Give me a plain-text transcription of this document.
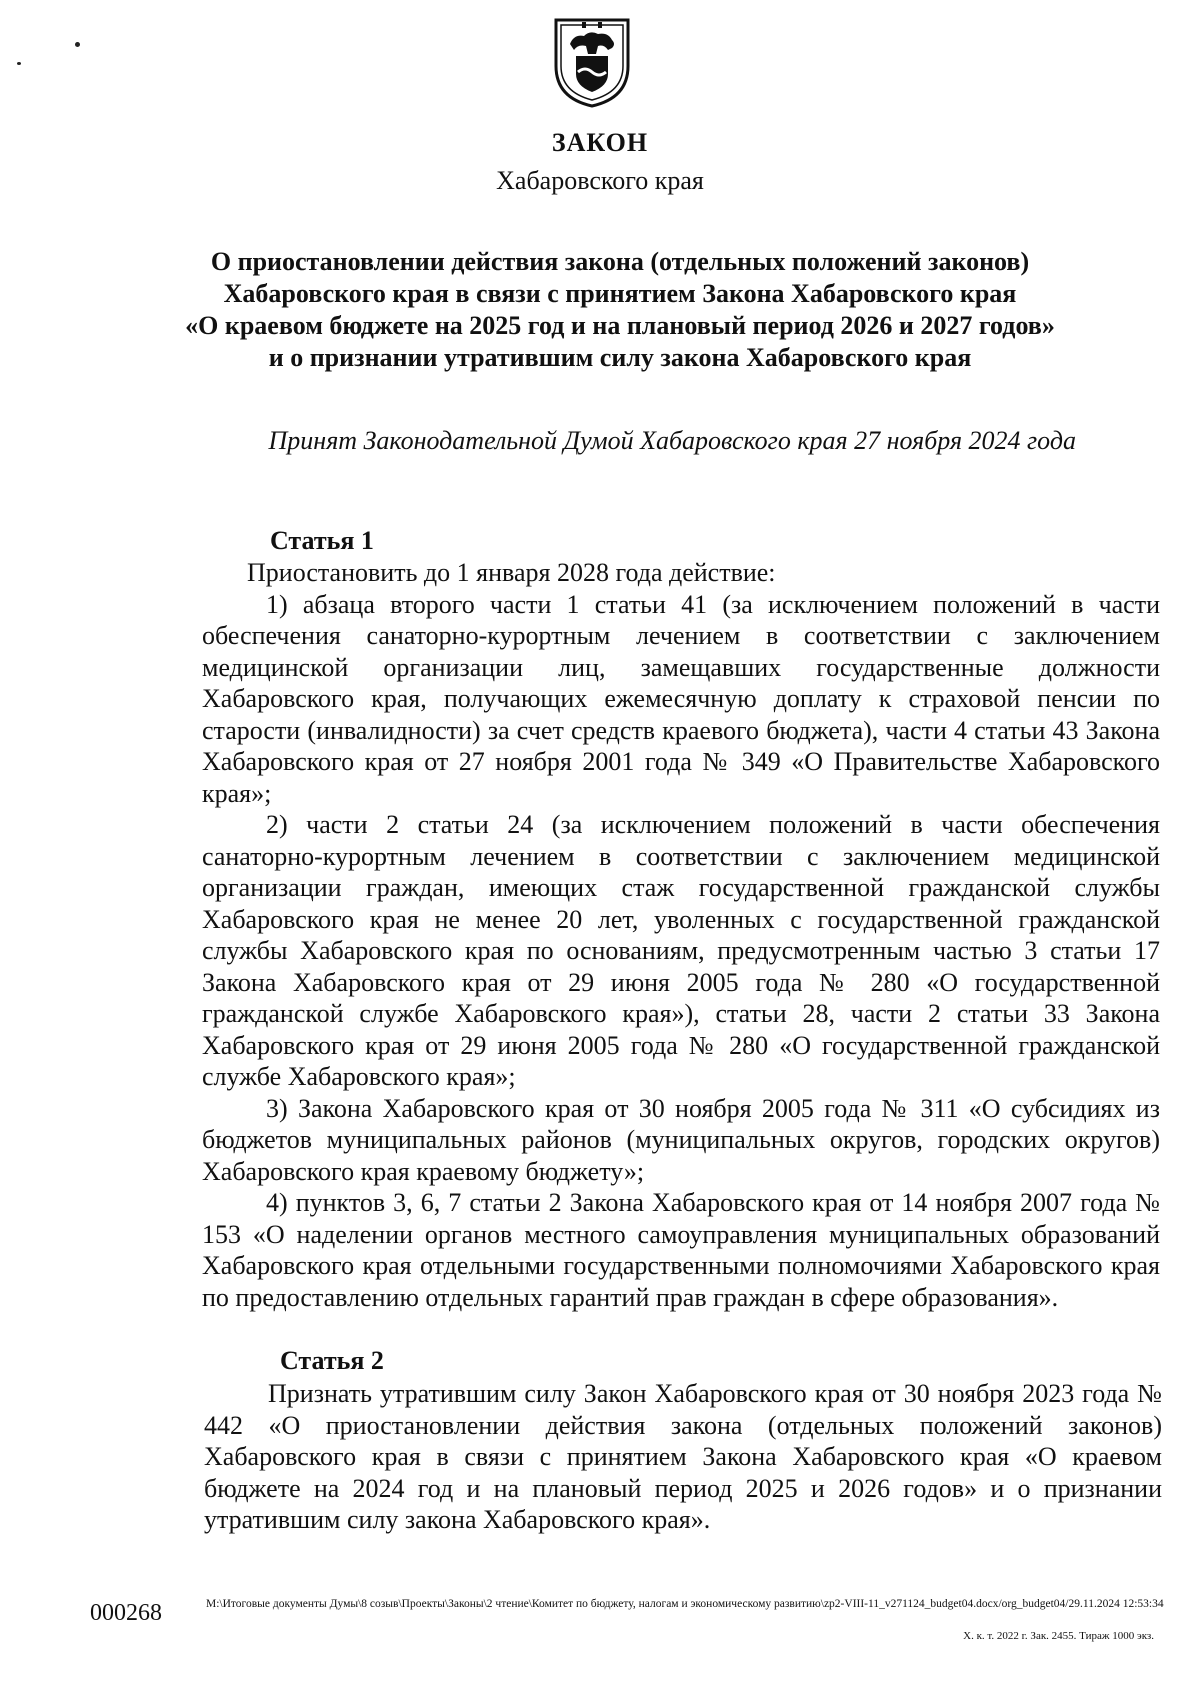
ЗАКОН
Хабаровского края
О приостановлении действия закона (отдельных положений законов)
Хабаровского края в связи с принятием Закона Хабаровского края
«О краевом бюджете на 2025 год и на плановый период 2026 и 2027 годов»
и о признании утратившим силу закона Хабаровского края
Принят Законодательной Думой Хабаровского края 27 ноября 2024 года
Статья 1

Приостановить до 1 января 2028 года действие:

1) абзаца второго части 1 статьи 41 (за исключением положений в части обеспечения санаторно-курортным лечением в соответствии с заключением медицинской организации лиц, замещавших государственные должности Хабаровского края, получающих ежемесячную доплату к страховой пенсии по старости (инвалидности) за счет средств краевого бюджета), части 4 статьи 43 Закона Хабаровского края от 27 ноября 2001 года № 349 «О Правительстве Хабаровского края»;

2) части 2 статьи 24 (за исключением положений в части обеспечения санаторно-курортным лечением в соответствии с заключением медицинской организации граждан, имеющих стаж государственной гражданской службы Хабаровского края не менее 20 лет, уволенных с государственной гражданской службы Хабаровского края по основаниям, предусмотренным частью 3 статьи 17 Закона Хабаровского края от 29 июня 2005 года № 280 «О государственной гражданской службе Хабаровского края»), статьи 28, части 2 статьи 33 Закона Хабаровского края от 29 июня 2005 года № 280 «О государственной гражданской службе Хабаровского края»;

3) Закона Хабаровского края от 30 ноября 2005 года № 311 «О субсидиях из бюджетов муниципальных районов (муниципальных округов, городских округов) Хабаровского края краевому бюджету»;

4) пунктов 3, 6, 7 статьи 2 Закона Хабаровского края от 14 ноября 2007 года № 153 «О наделении органов местного самоуправления муниципальных образований Хабаровского края отдельными государственными полномочиями Хабаровского края по предоставлению отдельных гарантий прав граждан в сфере образования».

Статья 2

Признать утратившим силу Закон Хабаровского края от 30 ноября 2023 года № 442 «О приостановлении действия закона (отдельных положений законов) Хабаровского края в связи с принятием Закона Хабаровского края «О краевом бюджете на 2024 год и на плановый период 2025 и 2026 годов» и о признании утратившим силу закона Хабаровского края».

000268	M:\Итоговые документы Думы\8 созыв\Проекты\Законы\2 чтение\Комитет по бюджету, налогам и экономическому развитию\zp2-VIII-11_v271124_budget04.docx/org_budget04/29.11.2024 12:53:34
Х. к. т. 2022 г. Зак. 2455. Тираж 1000 экз.
